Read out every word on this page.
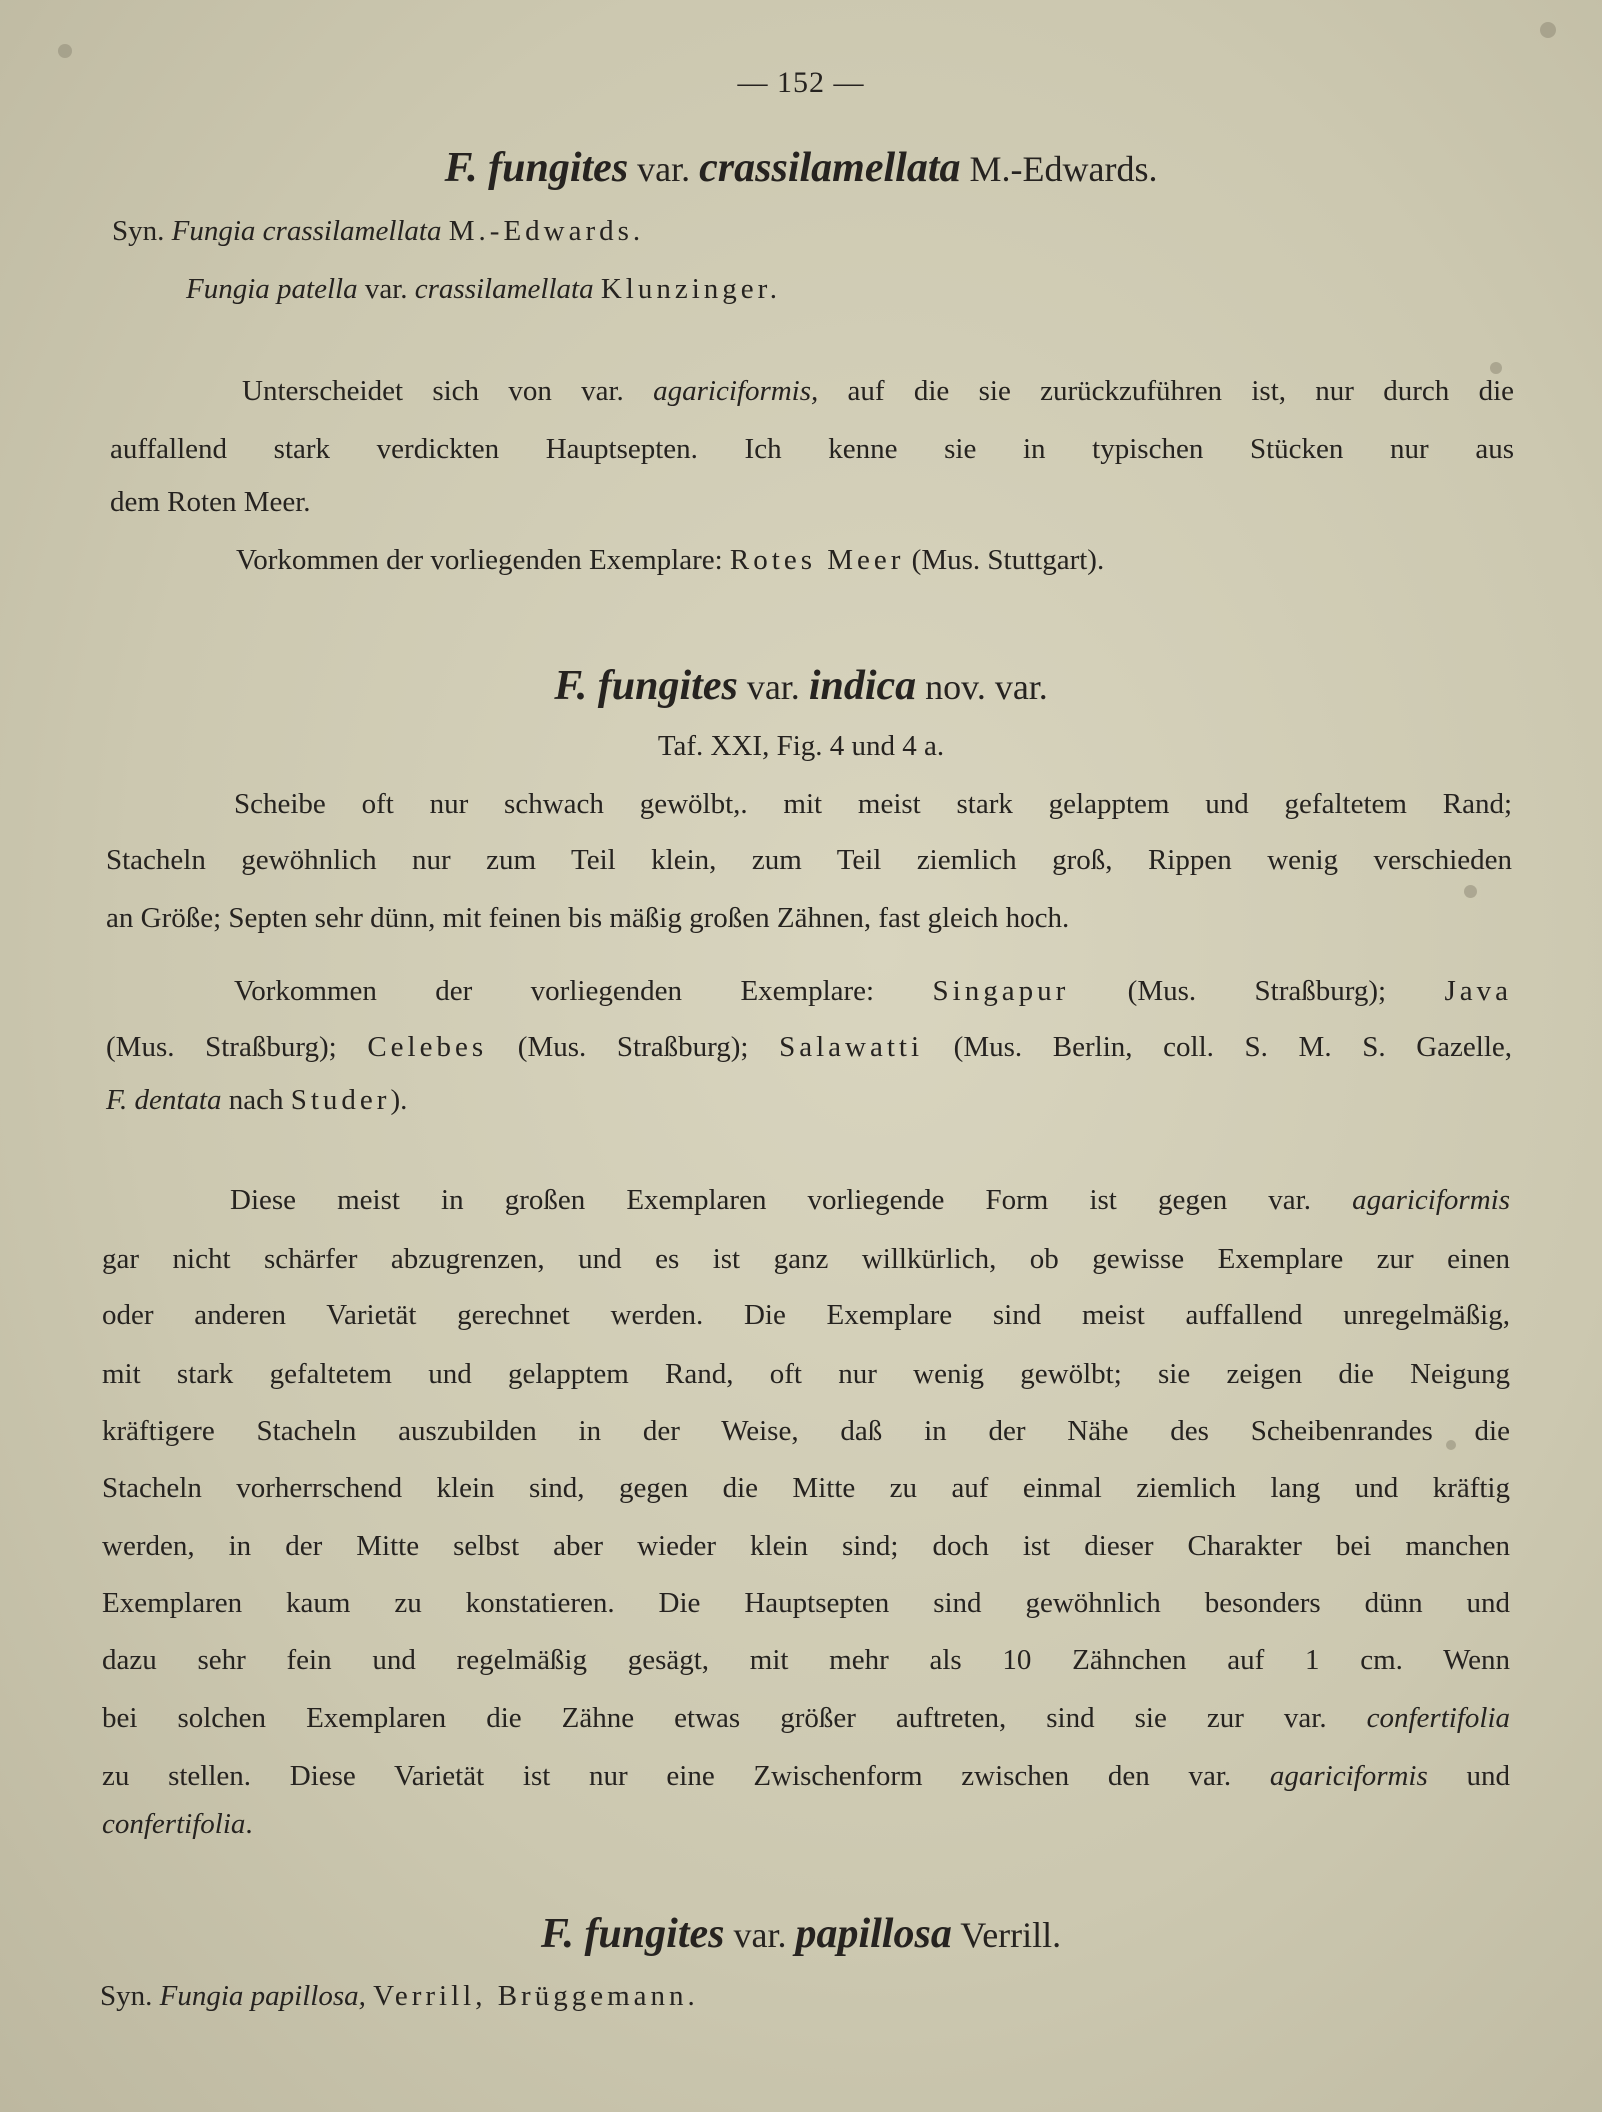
— 152 —
F. fungites var. crassilamellata M.-Edwards.
Syn. Fungia crassilamellata M.-Edwards.
Fungia patella var. crassilamellata Klunzinger.
Unterscheidet sich von var. agariciformis, auf die sie zurückzuführen ist, nur durch die
auffallend stark verdickten Hauptsepten. Ich kenne sie in typischen Stücken nur aus
dem Roten Meer.
Vorkommen der vorliegenden Exemplare: Rotes Meer (Mus. Stuttgart).
F. fungites var. indica nov. var.
Taf. XXI, Fig. 4 und 4 a.
Scheibe oft nur schwach gewölbt,. mit meist stark gelapptem und gefaltetem Rand;
Stacheln gewöhnlich nur zum Teil klein, zum Teil ziemlich groß, Rippen wenig verschieden
an Größe; Septen sehr dünn, mit feinen bis mäßig großen Zähnen, fast gleich hoch.
Vorkommen der vorliegenden Exemplare: Singapur (Mus. Straßburg); Java
(Mus. Straßburg); Celebes (Mus. Straßburg); Salawatti (Mus. Berlin, coll. S. M. S. Gazelle,
F. dentata nach Studer).
Diese meist in großen Exemplaren vorliegende Form ist gegen var. agariciformis
gar nicht schärfer abzugrenzen, und es ist ganz willkürlich, ob gewisse Exemplare zur einen
oder anderen Varietät gerechnet werden. Die Exemplare sind meist auffallend unregelmäßig,
mit stark gefaltetem und gelapptem Rand, oft nur wenig gewölbt; sie zeigen die Neigung
kräftigere Stacheln auszubilden in der Weise, daß in der Nähe des Scheibenrandes die
Stacheln vorherrschend klein sind, gegen die Mitte zu auf einmal ziemlich lang und kräftig
werden, in der Mitte selbst aber wieder klein sind; doch ist dieser Charakter bei manchen
Exemplaren kaum zu konstatieren. Die Hauptsepten sind gewöhnlich besonders dünn und
dazu sehr fein und regelmäßig gesägt, mit mehr als 10 Zähnchen auf 1 cm. Wenn
bei solchen Exemplaren die Zähne etwas größer auftreten, sind sie zur var. confertifolia
zu stellen. Diese Varietät ist nur eine Zwischenform zwischen den var. agariciformis und
confertifolia.
F. fungites var. papillosa Verrill.
Syn. Fungia papillosa, Verrill, Brüggemann.
